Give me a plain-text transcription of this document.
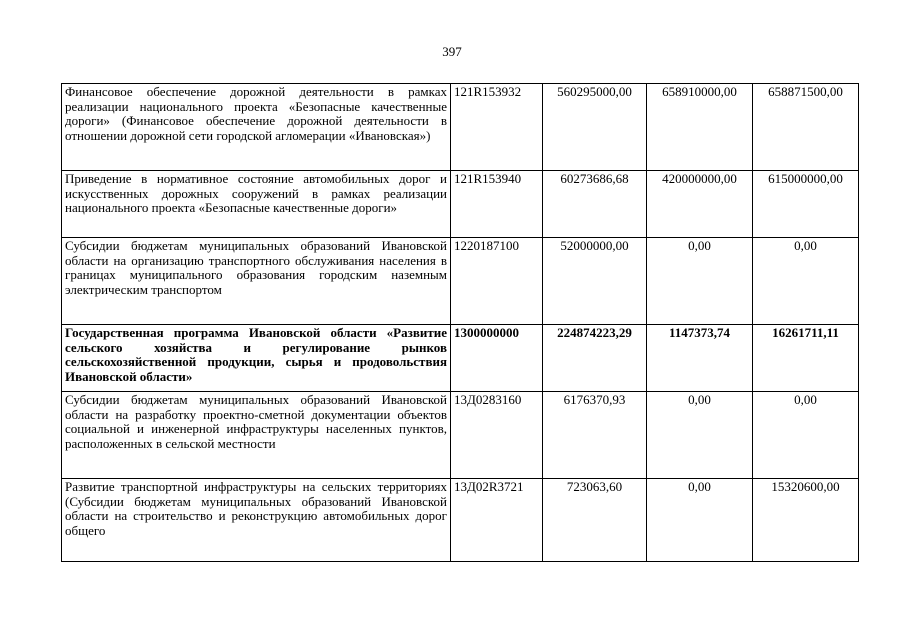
397
Финансовое обеспечение дорожной деятельности в рамках реализации национального проекта «Безопасные качественные дороги» (Финансовое обеспечение дорожной деятельности в отношении дорожной сети городской агломерации «Ивановская»)	121R153932	560295000,00	658910000,00	658871500,00
Приведение в нормативное состояние автомобильных дорог и искусственных дорожных сооружений в рамках реализации национального проекта «Безопасные качественные дороги»	121R153940	60273686,68	420000000,00	615000000,00
Субсидии бюджетам муниципальных образований Ивановской области на организацию транспортного обслуживания населения в границах муниципального образования городским наземным электрическим транспортом	1220187100	52000000,00	0,00	0,00
Государственная программа Ивановской области «Развитие сельского хозяйства и регулирование рынков сельскохозяйственной продукции, сырья и продовольствия Ивановской области»	1300000000	224874223,29	1147373,74	16261711,11
Субсидии бюджетам муниципальных образований Ивановской области на разработку проектно-сметной документации объектов социальной и инженерной инфраструктуры населенных пунктов, расположенных в сельской местности	13Д0283160	6176370,93	0,00	0,00
Развитие транспортной инфраструктуры на сельских территориях (Субсидии бюджетам муниципальных образований Ивановской области на строительство и реконструкцию автомобильных дорог общего	13Д02R3721	723063,60	0,00	15320600,00
